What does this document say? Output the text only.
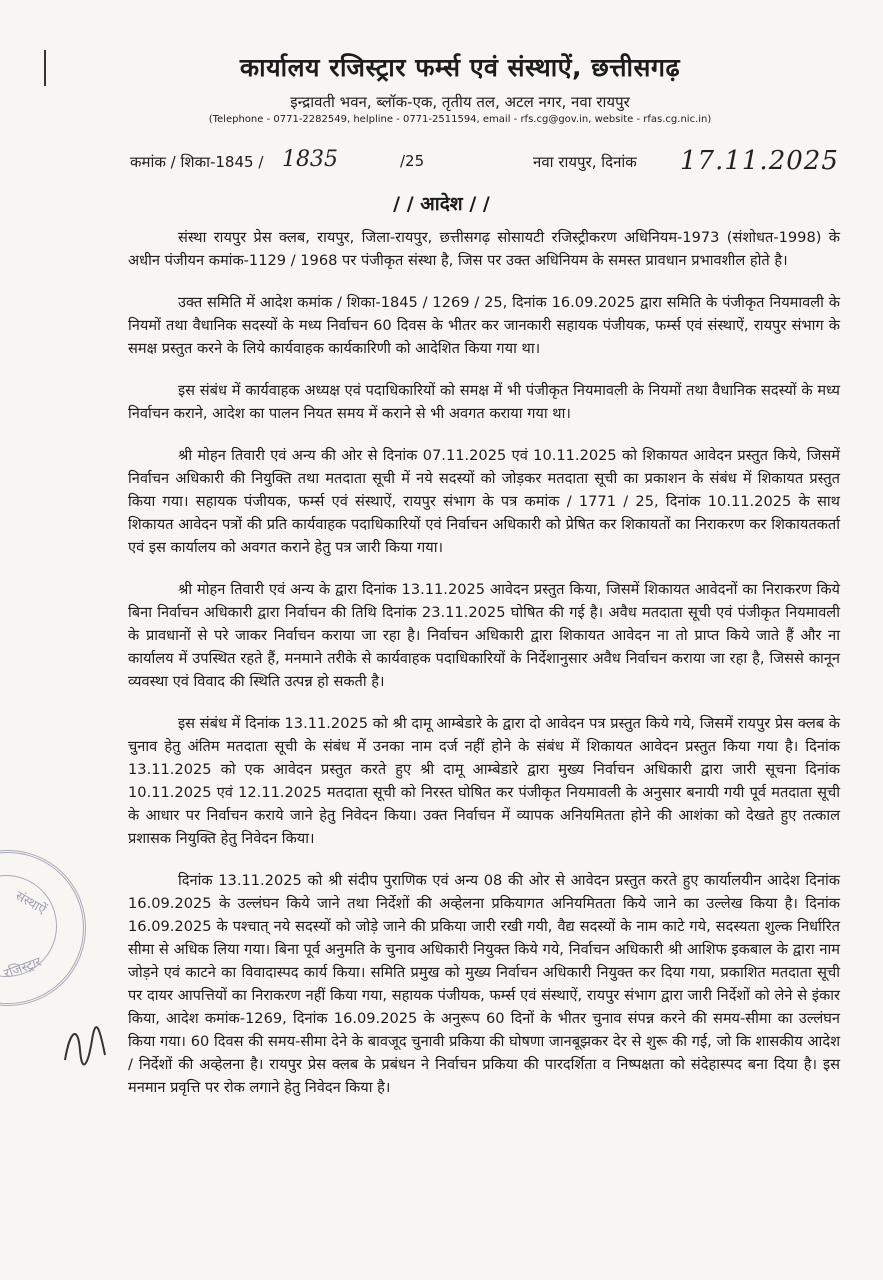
कार्यालय रजिस्ट्रार फर्म्स एवं संस्थाऐं, छत्तीसगढ़
इन्द्रावती भवन, ब्लॉक-एक, तृतीय तल, अटल नगर, नवा रायपुर
(Telephone - 0771-2282549, helpline - 0771-2511594, email - rfs.cg@gov.in, website - rfas.cg.nic.in)
कमांक / शिका-1845 / 1835	/25	नवा रायपुर, दिनांक 17.11.2025
/ / आदेश / /

संस्था रायपुर प्रेस क्लब, रायपुर, जिला-रायपुर, छत्तीसगढ़ सोसायटी रजिस्ट्रीकरण अधिनियम-1973 (संशोधत-1998) के अधीन पंजीयन कमांक-1129 / 1968 पर पंजीकृत संस्था है, जिस पर उक्त अधिनियम के समस्त प्रावधान प्रभावशील होते है।

उक्त समिति में आदेश कमांक / शिका-1845 / 1269 / 25, दिनांक 16.09.2025 द्वारा समिति के पंजीकृत नियमावली के नियमों तथा वैधानिक सदस्यों के मध्य निर्वाचन 60 दिवस के भीतर कर जानकारी सहायक पंजीयक, फर्म्स एवं संस्थाऐं, रायपुर संभाग के समक्ष प्रस्तुत करने के लिये कार्यवाहक कार्यकारिणी को आदेशित किया गया था।

इस संबंध में कार्यवाहक अध्यक्ष एवं पदाधिकारियों को समक्ष में भी पंजीकृत नियमावली के नियमों तथा वैधानिक सदस्यों के मध्य निर्वाचन कराने, आदेश का पालन नियत समय में कराने से भी अवगत कराया गया था।

श्री मोहन तिवारी एवं अन्य की ओर से दिनांक 07.11.2025 एवं 10.11.2025 को शिकायत आवेदन प्रस्तुत किये, जिसमें निर्वाचन अधिकारी की नियुक्ति तथा मतदाता सूची में नये सदस्यों को जोड़कर मतदाता सूची का प्रकाशन के संबंध में शिकायत प्रस्तुत किया गया। सहायक पंजीयक, फर्म्स एवं संस्थाऐं, रायपुर संभाग के पत्र कमांक / 1771 / 25, दिनांक 10.11.2025 के साथ शिकायत आवेदन पत्रों की प्रति कार्यवाहक पदाधिकारियों एवं निर्वाचन अधिकारी को प्रेषित कर शिकायतों का निराकरण कर शिकायतकर्ता एवं इस कार्यालय को अवगत कराने हेतु पत्र जारी किया गया।

श्री मोहन तिवारी एवं अन्य के द्वारा दिनांक 13.11.2025 आवेदन प्रस्तुत किया, जिसमें शिकायत आवेदनों का निराकरण किये बिना निर्वाचन अधिकारी द्वारा निर्वाचन की तिथि दिनांक 23.11.2025 घोषित की गई है। अवैध मतदाता सूची एवं पंजीकृत नियमावली के प्रावधानों से परे जाकर निर्वाचन कराया जा रहा है। निर्वाचन अधिकारी द्वारा शिकायत आवेदन ना तो प्राप्त किये जाते हैं और ना कार्यालय में उपस्थित रहते हैं, मनमाने तरीके से कार्यवाहक पदाधिकारियों के निर्देशानुसार अवैध निर्वाचन कराया जा रहा है, जिससे कानून व्यवस्था एवं विवाद की स्थिति उत्पन्न हो सकती है।

इस संबंध में दिनांक 13.11.2025 को श्री दामू आम्बेडारे के द्वारा दो आवेदन पत्र प्रस्तुत किये गये, जिसमें रायपुर प्रेस क्लब के चुनाव हेतु अंतिम मतदाता सूची के संबंध में उनका नाम दर्ज नहीं होने के संबंध में शिकायत आवेदन प्रस्तुत किया गया है। दिनांक 13.11.2025 को एक आवेदन प्रस्तुत करते हुए श्री दामू आम्बेडारे द्वारा मुख्य निर्वाचन अधिकारी द्वारा जारी सूचना दिनांक 10.11.2025 एवं 12.11.2025 मतदाता सूची को निरस्त घोषित कर पंजीकृत नियमावली के अनुसार बनायी गयी पूर्व मतदाता सूची के आधार पर निर्वाचन कराये जाने हेतु निवेदन किया। उक्त निर्वाचन में व्यापक अनियमितता होने की आशंका को देखते हुए तत्काल प्रशासक नियुक्ति हेतु निवेदन किया।

दिनांक 13.11.2025 को श्री संदीप पुराणिक एवं अन्य 08 की ओर से आवेदन प्रस्तुत करते हुए कार्यालयीन आदेश दिनांक 16.09.2025 के उल्लंघन किये जाने तथा निर्देशों की अव्हेलना प्रकियागत अनियमितता किये जाने का उल्लेख किया है। दिनांक 16.09.2025 के पश्चात् नये सदस्यों को जोड़े जाने की प्रकिया जारी रखी गयी, वैद्य सदस्यों के नाम काटे गये, सदस्यता शुल्क निर्धारित सीमा से अधिक लिया गया। बिना पूर्व अनुमति के चुनाव अधिकारी नियुक्त किये गये, निर्वाचन अधिकारी श्री आशिफ इकबाल के द्वारा नाम जोड़ने एवं काटने का विवादास्पद कार्य किया। समिति प्रमुख को मुख्य निर्वाचन अधिकारी नियुक्त कर दिया गया, प्रकाशित मतदाता सूची पर दायर आपत्तियों का निराकरण नहीं किया गया, सहायक पंजीयक, फर्म्स एवं संस्थाऐं, रायपुर संभाग द्वारा जारी निर्देशों को लेने से इंकार किया, आदेश कमांक-1269, दिनांक 16.09.2025 के अनुरूप 60 दिनों के भीतर चुनाव संपन्न करने की समय-सीमा का उल्लंघन किया गया। 60 दिवस की समय-सीमा देने के बावजूद चुनावी प्रकिया की घोषणा जानबूझकर देर से शुरू की गई, जो कि शासकीय आदेश / निर्देशों की अव्हेलना है। रायपुर प्रेस क्लब के प्रबंधन ने निर्वाचन प्रकिया की पारदर्शिता व निष्पक्षता को संदेहास्पद बना दिया है। इस मनमान प्रवृत्ति पर रोक लगाने हेतु निवेदन किया है।

संस्थाऐं
रजिस्ट्रार
